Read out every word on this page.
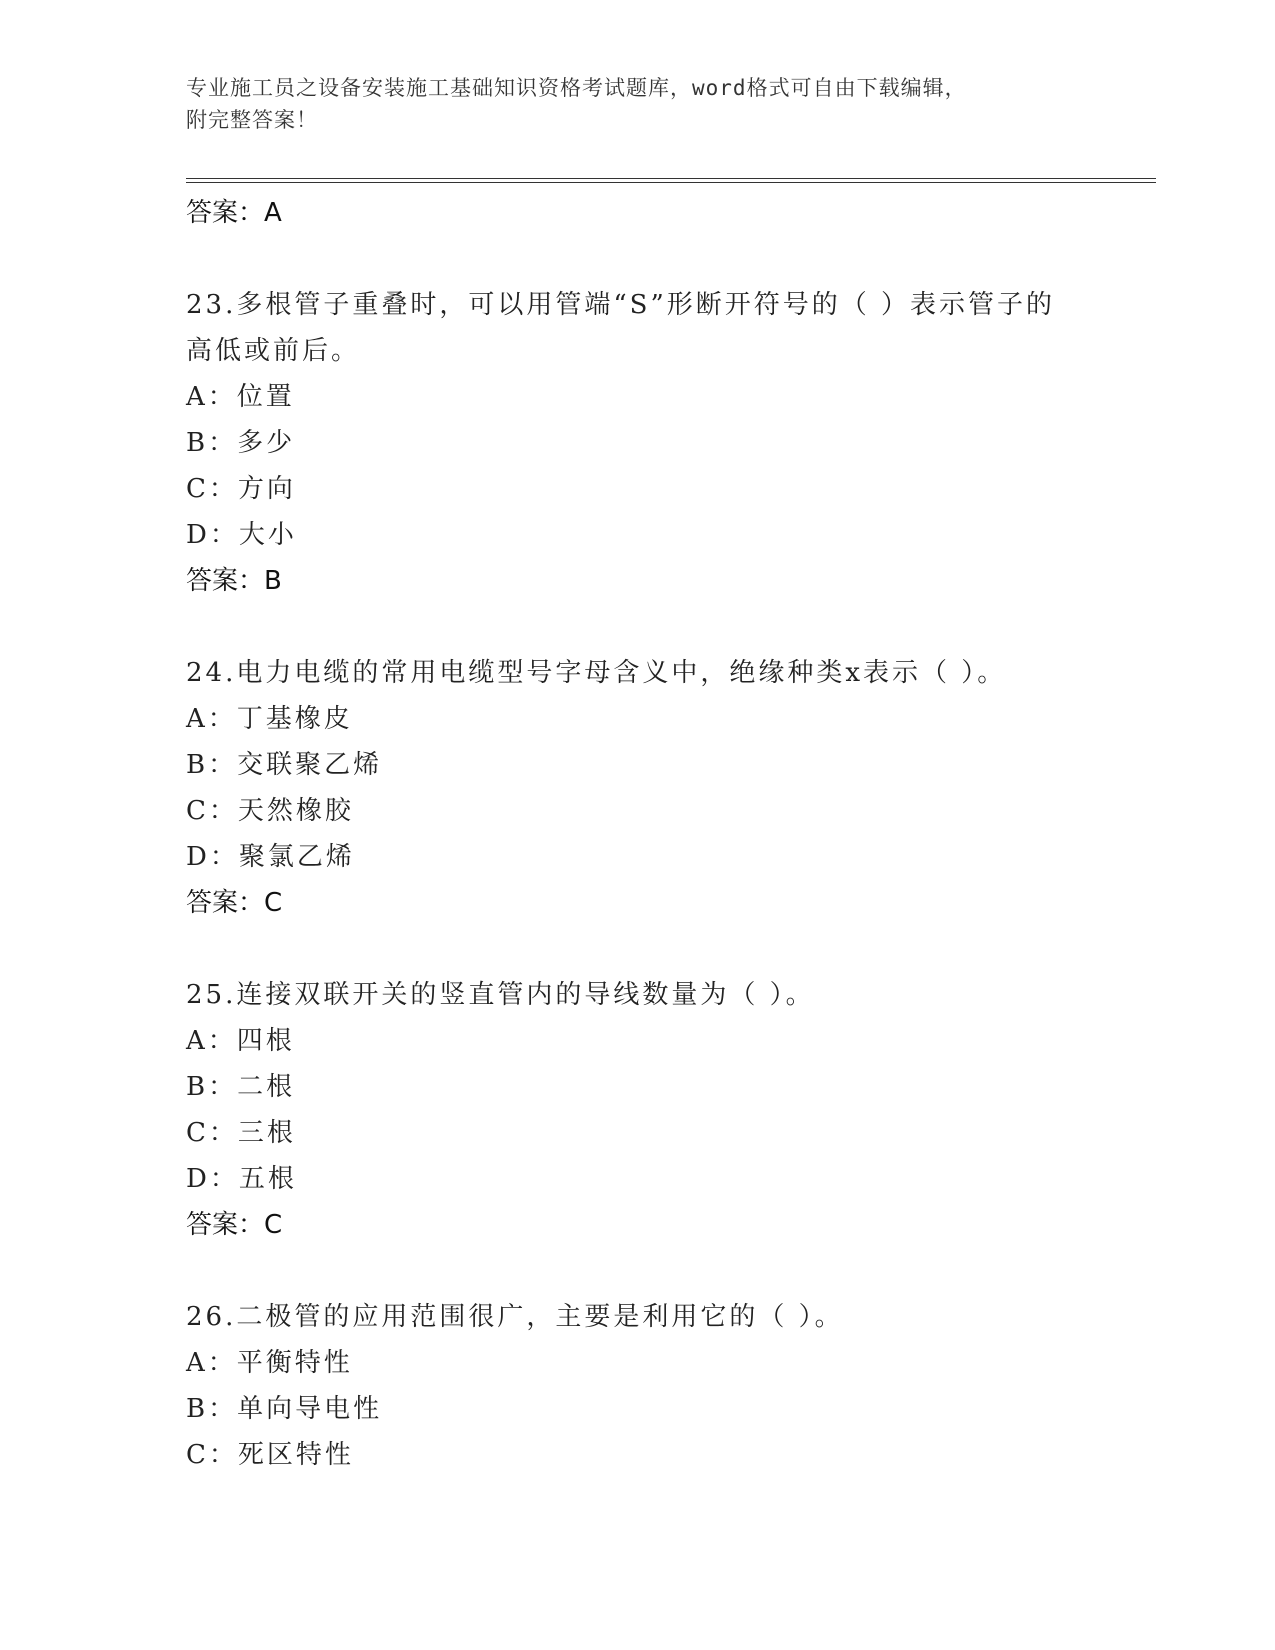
专业施工员之设备安装施工基础知识资格考试题库，word格式可自由下载编辑，
附完整答案！
答案：A
23.多根管子重叠时，可以用管端“S”形断开符号的（ ）表示管子的
高低或前后。
A：位置
B：多少
C：方向
D：大小
答案：B
24.电力电缆的常用电缆型号字母含义中，绝缘种类x表示（ ）。
A：丁基橡皮
B：交联聚乙烯
C：天然橡胶
D：聚氯乙烯
答案：C
25.连接双联开关的竖直管内的导线数量为（ ）。
A：四根
B：二根
C：三根
D：五根
答案：C
26.二极管的应用范围很广，主要是利用它的（ ）。
A：平衡特性
B：单向导电性
C：死区特性
